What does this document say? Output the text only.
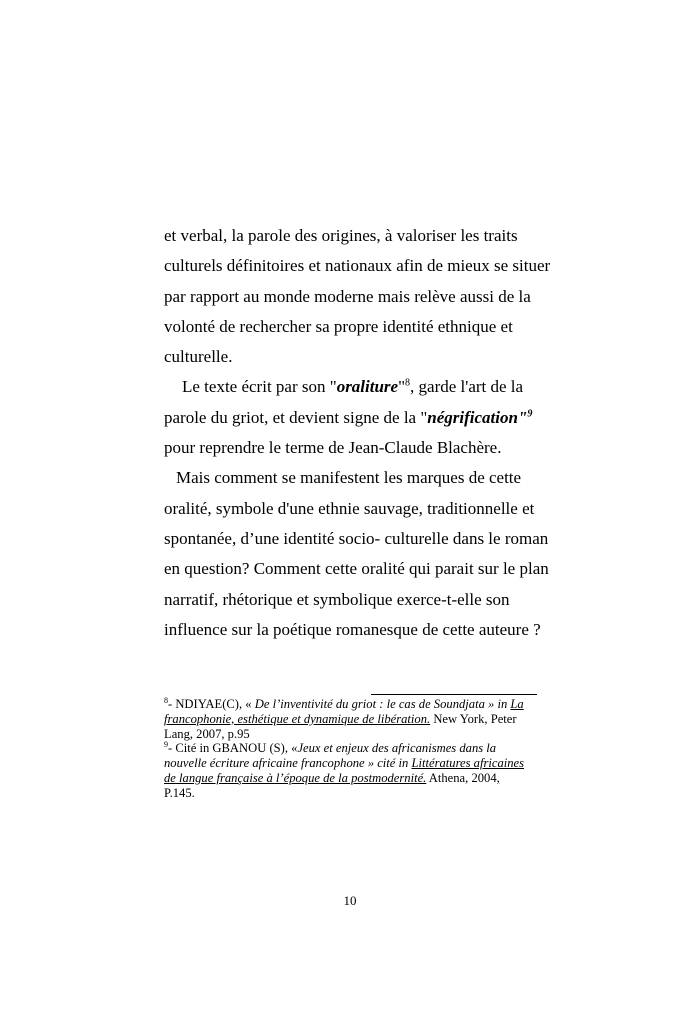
et verbal, la parole des origines, à valoriser les traits
culturels définitoires et nationaux afin de mieux se situer
par rapport au monde moderne mais relève aussi de la
volonté de rechercher sa propre identité ethnique et
culturelle.
Le texte écrit par son "oraliture"$^8$, garde l'art de la
parole du griot, et devient signe de la "négrification"$^9$
pour reprendre le terme de Jean-Claude Blachère.
Mais comment se manifestent les marques de cette
oralité, symbole d'une ethnie sauvage, traditionnelle et
spontanée, d’une identité socio- culturelle dans le roman
en question? Comment cette oralité qui parait sur le plan
narratif, rhétorique et symbolique exerce-t-elle son
influence sur la poétique romanesque de cette auteure ?
$^8$- NDIYAE(C), « De l’inventivité du griot : le cas de Soundjata » in La
francophonie, esthétique et dynamique de libération. New York, Peter
Lang, 2007, p.95
$^9$- Cité in GBANOU (S), «Jeux et enjeux des africanismes dans la
nouvelle écriture africaine francophone » cité in Littératures africaines
de langue française à l’époque de la postmodernité. Athena, 2004,
P.145.
10
